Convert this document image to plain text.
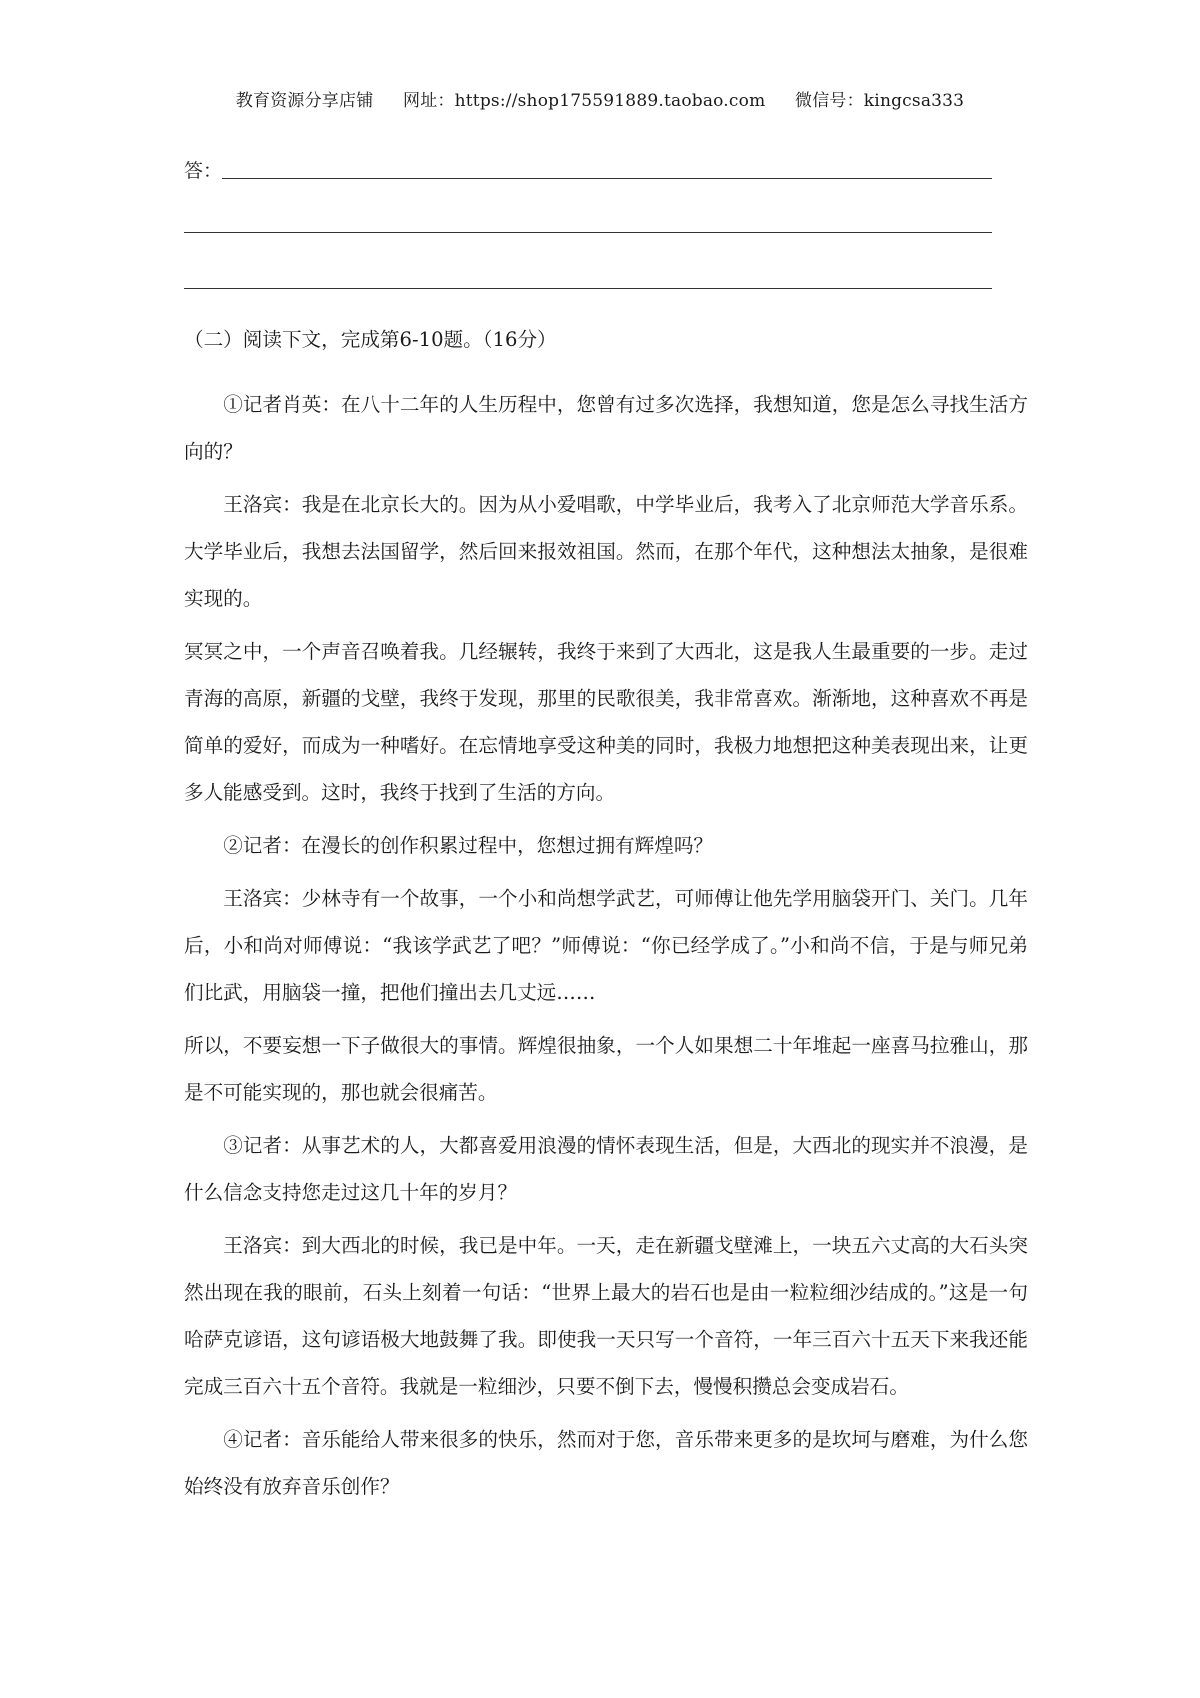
教育资源分享店铺 网址：https://shop175591889.taobao.com 微信号：kingcsa333
答：

（二）阅读下文，完成第6-10题。（16分）

①记者肖英：在八十二年的人生历程中，您曾有过多次选择，我想知道，您是怎么寻找生活方向的？

王洛宾：我是在北京长大的。因为从小爱唱歌，中学毕业后，我考入了北京师范大学音乐系。大学毕业后，我想去法国留学，然后回来报效祖国。然而，在那个年代，这种想法太抽象，是很难实现的。

冥冥之中，一个声音召唤着我。几经辗转，我终于来到了大西北，这是我人生最重要的一步。走过青海的高原，新疆的戈壁，我终于发现，那里的民歌很美，我非常喜欢。渐渐地，这种喜欢不再是简单的爱好，而成为一种嗜好。在忘情地享受这种美的同时，我极力地想把这种美表现出来，让更多人能感受到。这时，我终于找到了生活的方向。

②记者：在漫长的创作积累过程中，您想过拥有辉煌吗？

王洛宾：少林寺有一个故事，一个小和尚想学武艺，可师傅让他先学用脑袋开门、关门。几年后，小和尚对师傅说：“我该学武艺了吧？”师傅说：“你已经学成了。”小和尚不信，于是与师兄弟们比武，用脑袋一撞，把他们撞出去几丈远……

所以，不要妄想一下子做很大的事情。辉煌很抽象，一个人如果想二十年堆起一座喜马拉雅山，那是不可能实现的，那也就会很痛苦。

③记者：从事艺术的人，大都喜爱用浪漫的情怀表现生活，但是，大西北的现实并不浪漫，是什么信念支持您走过这几十年的岁月？

王洛宾：到大西北的时候，我已是中年。一天，走在新疆戈壁滩上，一块五六丈高的大石头突然出现在我的眼前，石头上刻着一句话：“世界上最大的岩石也是由一粒粒细沙结成的。”这是一句哈萨克谚语，这句谚语极大地鼓舞了我。即使我一天只写一个音符，一年三百六十五天下来我还能完成三百六十五个音符。我就是一粒细沙，只要不倒下去，慢慢积攒总会变成岩石。

④记者：音乐能给人带来很多的快乐，然而对于您，音乐带来更多的是坎坷与磨难，为什么您始终没有放弃音乐创作？
